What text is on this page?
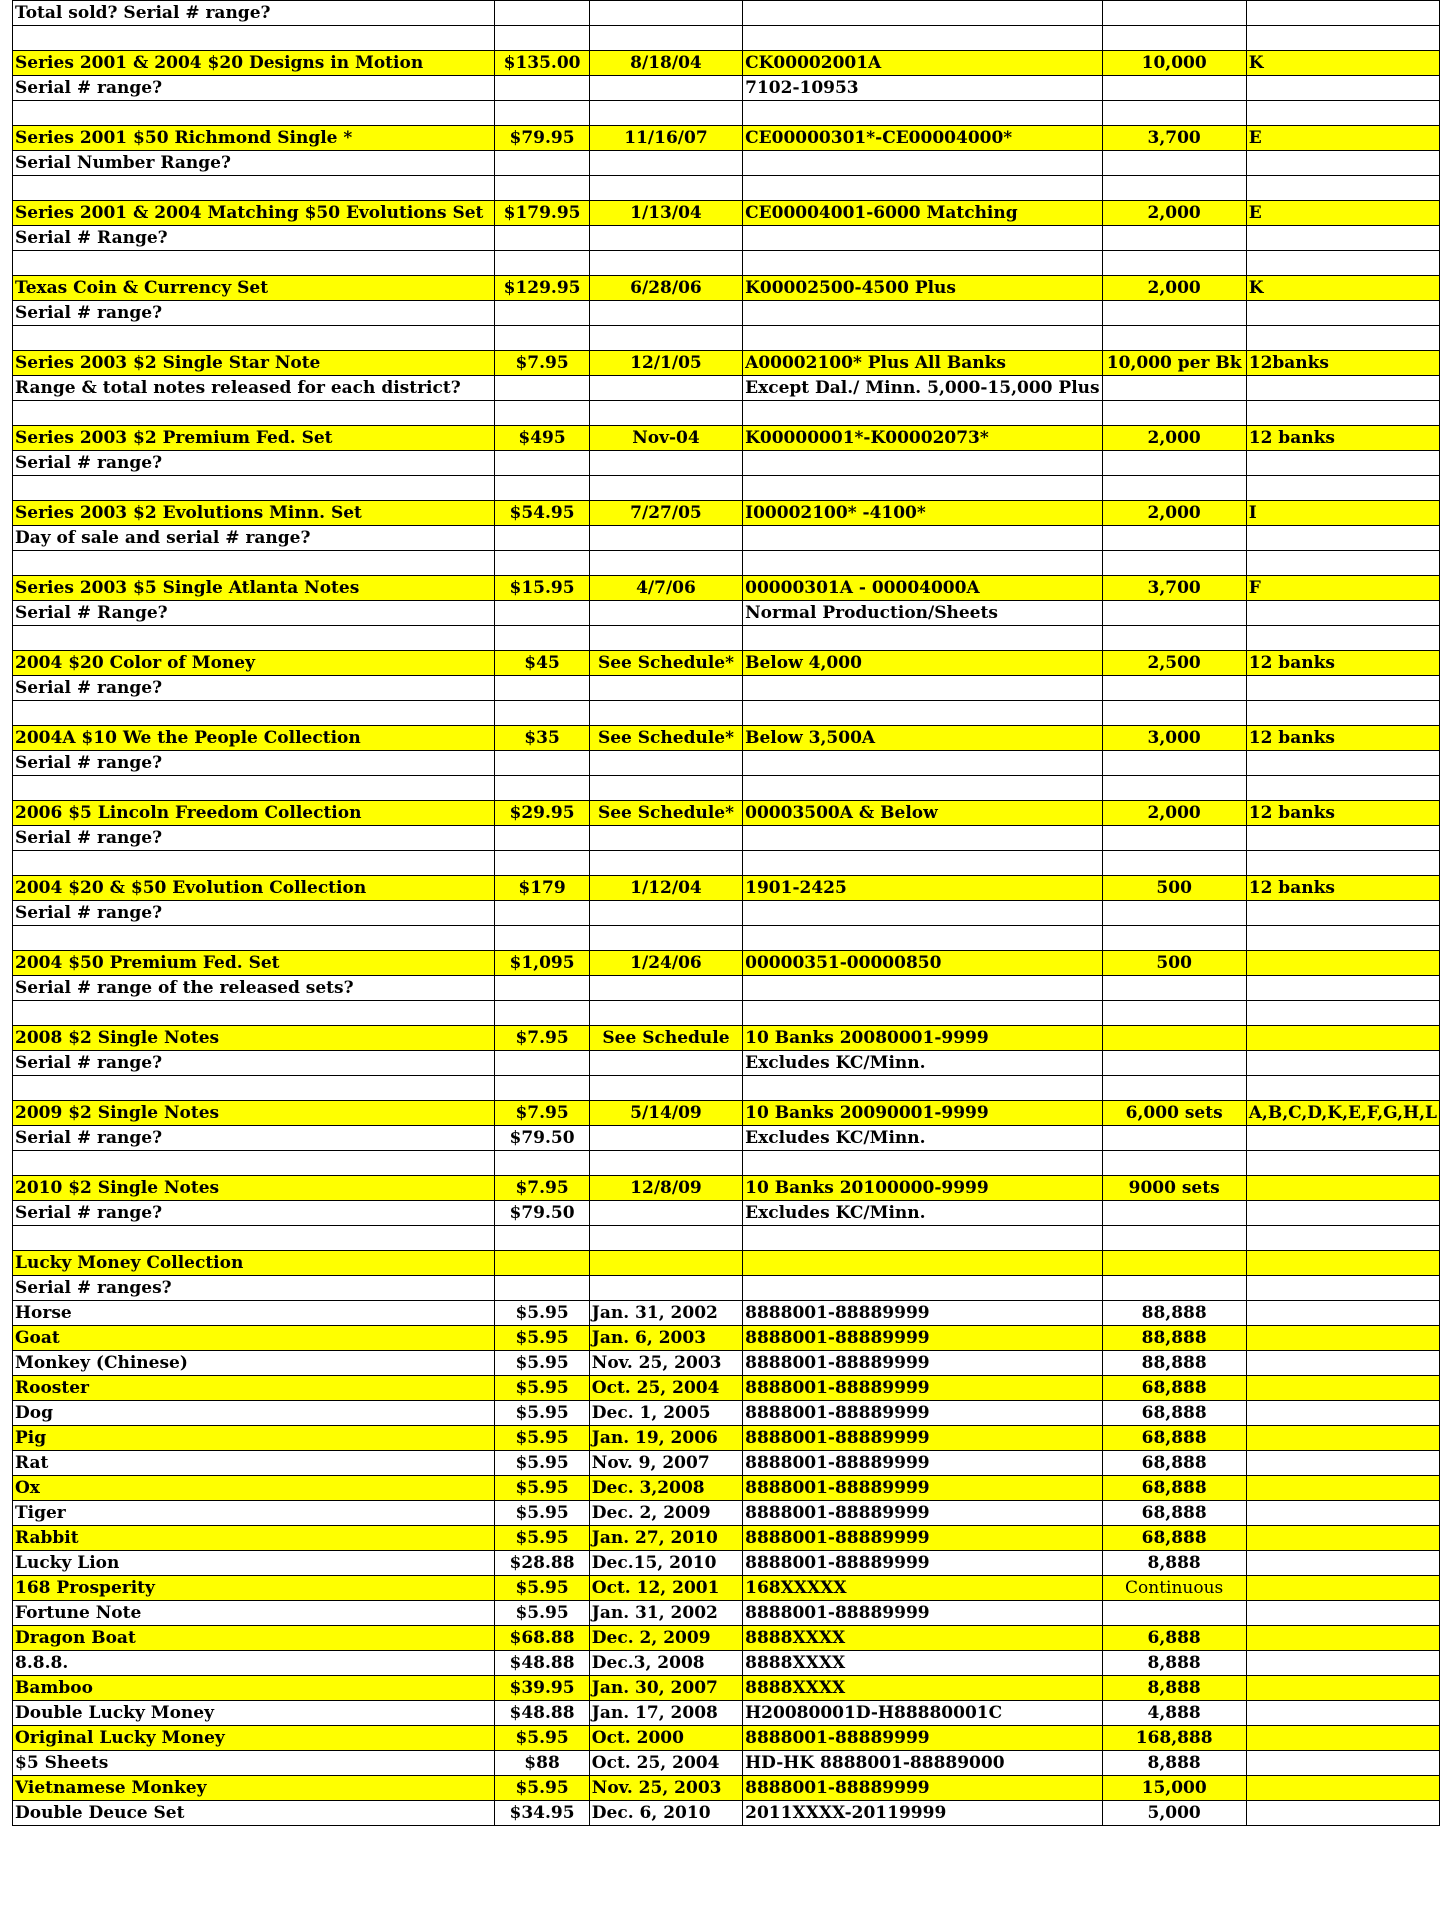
Total sold? Serial # range?					

Series 2001 & 2004 $20 Designs in Motion	$135.00	8/18/04	CK00002001A	10,000	K
Serial # range?			7102-10953		

Series 2001 $50 Richmond Single *	$79.95	11/16/07	CE00000301*-CE00004000*	3,700	E
Serial Number Range?					

Series 2001 & 2004 Matching $50 Evolutions Set	$179.95	1/13/04	CE00004001-6000 Matching	2,000	E
Serial # Range?					

Texas Coin & Currency Set	$129.95	6/28/06	K00002500-4500 Plus	2,000	K
Serial # range?					

Series 2003 $2 Single Star Note	$7.95	12/1/05	A00002100* Plus All Banks	10,000 per Bk	12banks
Range & total notes released for each district?			Except Dal./ Minn. 5,000-15,000 Plus		

Series 2003 $2 Premium Fed. Set	$495	Nov-04	K00000001*-K00002073*	2,000	12 banks
Serial # range?					

Series 2003 $2 Evolutions Minn. Set	$54.95	7/27/05	I00002100* -4100*	2,000	I
Day of sale and serial # range?					

Series 2003 $5 Single Atlanta Notes	$15.95	4/7/06	00000301A - 00004000A	3,700	F
Serial # Range?			Normal Production/Sheets		

2004 $20 Color of Money	$45	See Schedule*	Below 4,000	2,500	12 banks
Serial # range?					

2004A $10 We the People Collection	$35	See Schedule*	Below 3,500A	3,000	12 banks
Serial # range?					

2006 $5 Lincoln Freedom Collection	$29.95	See Schedule*	00003500A & Below	2,000	12 banks
Serial # range?					

2004 $20 & $50 Evolution Collection	$179	1/12/04	1901-2425	500	12 banks
Serial # range?					

2004 $50 Premium Fed. Set	$1,095	1/24/06	00000351-00000850	500	
Serial # range of the released sets?					

2008 $2 Single Notes	$7.95	See Schedule	10 Banks 20080001-9999		
Serial # range?			Excludes KC/Minn.		

2009 $2 Single Notes	$7.95	5/14/09	10 Banks 20090001-9999	6,000 sets	A,B,C,D,K,E,F,G,H,L
Serial # range?	$79.50		Excludes KC/Minn.		

2010 $2 Single Notes	$7.95	12/8/09	10 Banks 20100000-9999	9000 sets	
Serial # range?	$79.50		Excludes KC/Minn.		

Lucky Money Collection					
Serial # ranges?					
Horse	$5.95	Jan. 31, 2002	8888001-88889999	88,888	
Goat	$5.95	Jan. 6, 2003	8888001-88889999	88,888	
Monkey (Chinese)	$5.95	Nov. 25, 2003	8888001-88889999	88,888	
Rooster	$5.95	Oct. 25, 2004	8888001-88889999	68,888	
Dog	$5.95	Dec. 1, 2005	8888001-88889999	68,888	
Pig	$5.95	Jan. 19, 2006	8888001-88889999	68,888	
Rat	$5.95	Nov. 9, 2007	8888001-88889999	68,888	
Ox	$5.95	Dec. 3,2008	8888001-88889999	68,888	
Tiger	$5.95	Dec. 2, 2009	8888001-88889999	68,888	
Rabbit	$5.95	Jan. 27, 2010	8888001-88889999	68,888	
Lucky Lion	$28.88	Dec.15, 2010	8888001-88889999	8,888	
168 Prosperity	$5.95	Oct. 12, 2001	168XXXXX	Continuous	
Fortune Note	$5.95	Jan. 31, 2002	8888001-88889999		
Dragon Boat	$68.88	Dec. 2, 2009	8888XXXX	6,888	
8.8.8.	$48.88	Dec.3, 2008	8888XXXX	8,888	
Bamboo	$39.95	Jan. 30, 2007	8888XXXX	8,888	
Double Lucky Money	$48.88	Jan. 17, 2008	H20080001D-H88880001C	4,888	
Original Lucky Money	$5.95	Oct. 2000	8888001-88889999	168,888	
$5 Sheets	$88	Oct. 25, 2004	HD-HK 8888001-88889000	8,888	
Vietnamese Monkey	$5.95	Nov. 25, 2003	8888001-88889999	15,000	
Double Deuce Set	$34.95	Dec. 6, 2010	2011XXXX-20119999	5,000	
